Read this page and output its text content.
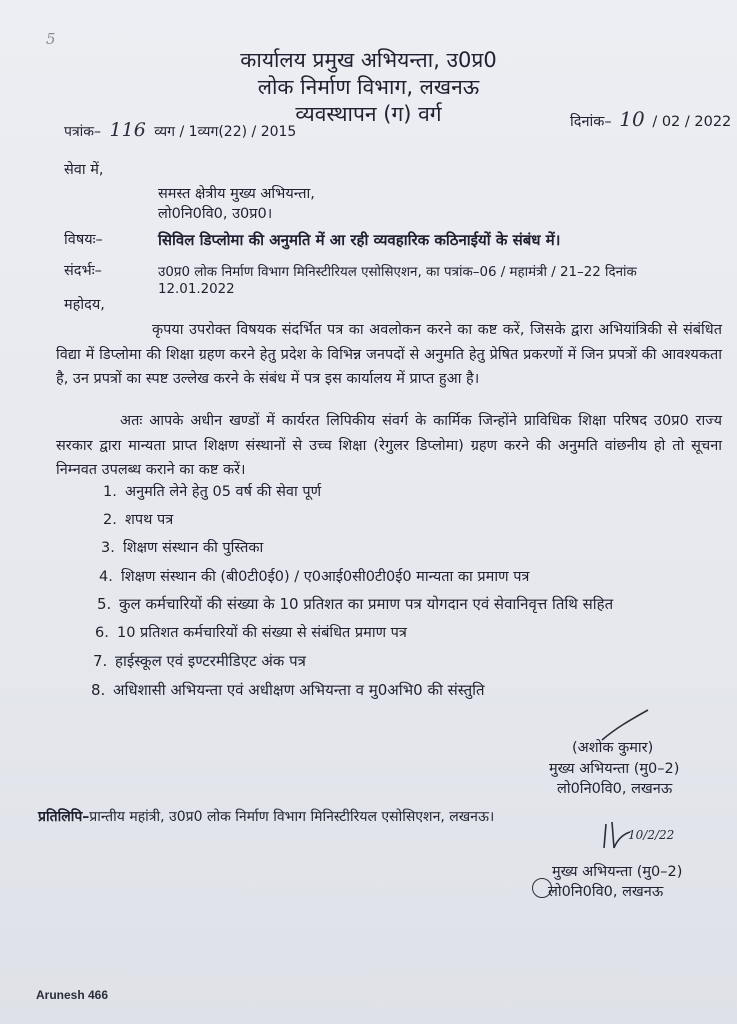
5
कार्यालय प्रमुख अभियन्ता, उ0प्र0
लोक निर्माण विभाग, लखनऊ
व्यवस्थापन (ग) वर्ग
पत्रांक– 116 व्यग / 1व्यग(22) / 2015
दिनांक– 10 / 02 / 2022
सेवा में,
समस्त क्षेत्रीय मुख्य अभियन्ता,
लो0नि0वि0, उ0प्र0।
विषयः–	सिविल डिप्लोमा की अनुमति में आ रही व्यवहारिक कठिनाईयों के संबंध में।
संदर्भः–	उ0प्र0 लोक निर्माण विभाग मिनिस्टीरियल एसोसिएशन, का पत्रांक–06 / महामंत्री / 21–22 दिनांक
12.01.2022
महोदय,
कृपया उपरोक्त विषयक संदर्भित पत्र का अवलोकन करने का कष्ट करें, जिसके द्वारा अभियांत्रिकी से संबंधित विद्या में डिप्लोमा की शिक्षा ग्रहण करने हेतु प्रदेश के विभिन्न जनपदों से अनुमति हेतु प्रेषित प्रकरणों में जिन प्रपत्रों की आवश्यकता है, उन प्रपत्रों का स्पष्ट उल्लेख करने के संबंध में पत्र इस कार्यालय में प्राप्त हुआ है।
अतः आपके अधीन खण्डों में कार्यरत लिपिकीय संवर्ग के कार्मिक जिन्होंने प्राविधिक शिक्षा परिषद उ0प्र0 राज्य सरकार द्वारा मान्यता प्राप्त शिक्षण संस्थानों से उच्च शिक्षा (रेगुलर डिप्लोमा) ग्रहण करने की अनुमति वांछनीय हो तो सूचना निम्नवत उपलब्ध कराने का कष्ट करें।
1. अनुमति लेने हेतु 05 वर्ष की सेवा पूर्ण
2. शपथ पत्र
3. शिक्षण संस्थान की पुस्तिका
4. शिक्षण संस्थान की (बी0टी0ई0) / ए0आई0सी0टी0ई0 मान्यता का प्रमाण पत्र
5. कुल कर्मचारियों की संख्या के 10 प्रतिशत का प्रमाण पत्र योगदान एवं सेवानिवृत्त तिथि सहित
6. 10 प्रतिशत कर्मचारियों की संख्या से संबंधित प्रमाण पत्र
7. हाईस्कूल एवं इण्टरमीडिएट अंक पत्र
8. अधिशासी अभियन्ता एवं अधीक्षण अभियन्ता व मु0अभि0 की संस्तुति
(अशोक कुमार)
मुख्य अभियन्ता (मु0–2)
लो0नि0वि0, लखनऊ
प्रतिलिपि–प्रान्तीय महांत्री, उ0प्र0 लोक निर्माण विभाग मिनिस्टीरियल एसोसिएशन, लखनऊ।
10/2/22
मुख्य अभियन्ता (मु0–2)
लो0नि0वि0, लखनऊ
Arunesh 466
